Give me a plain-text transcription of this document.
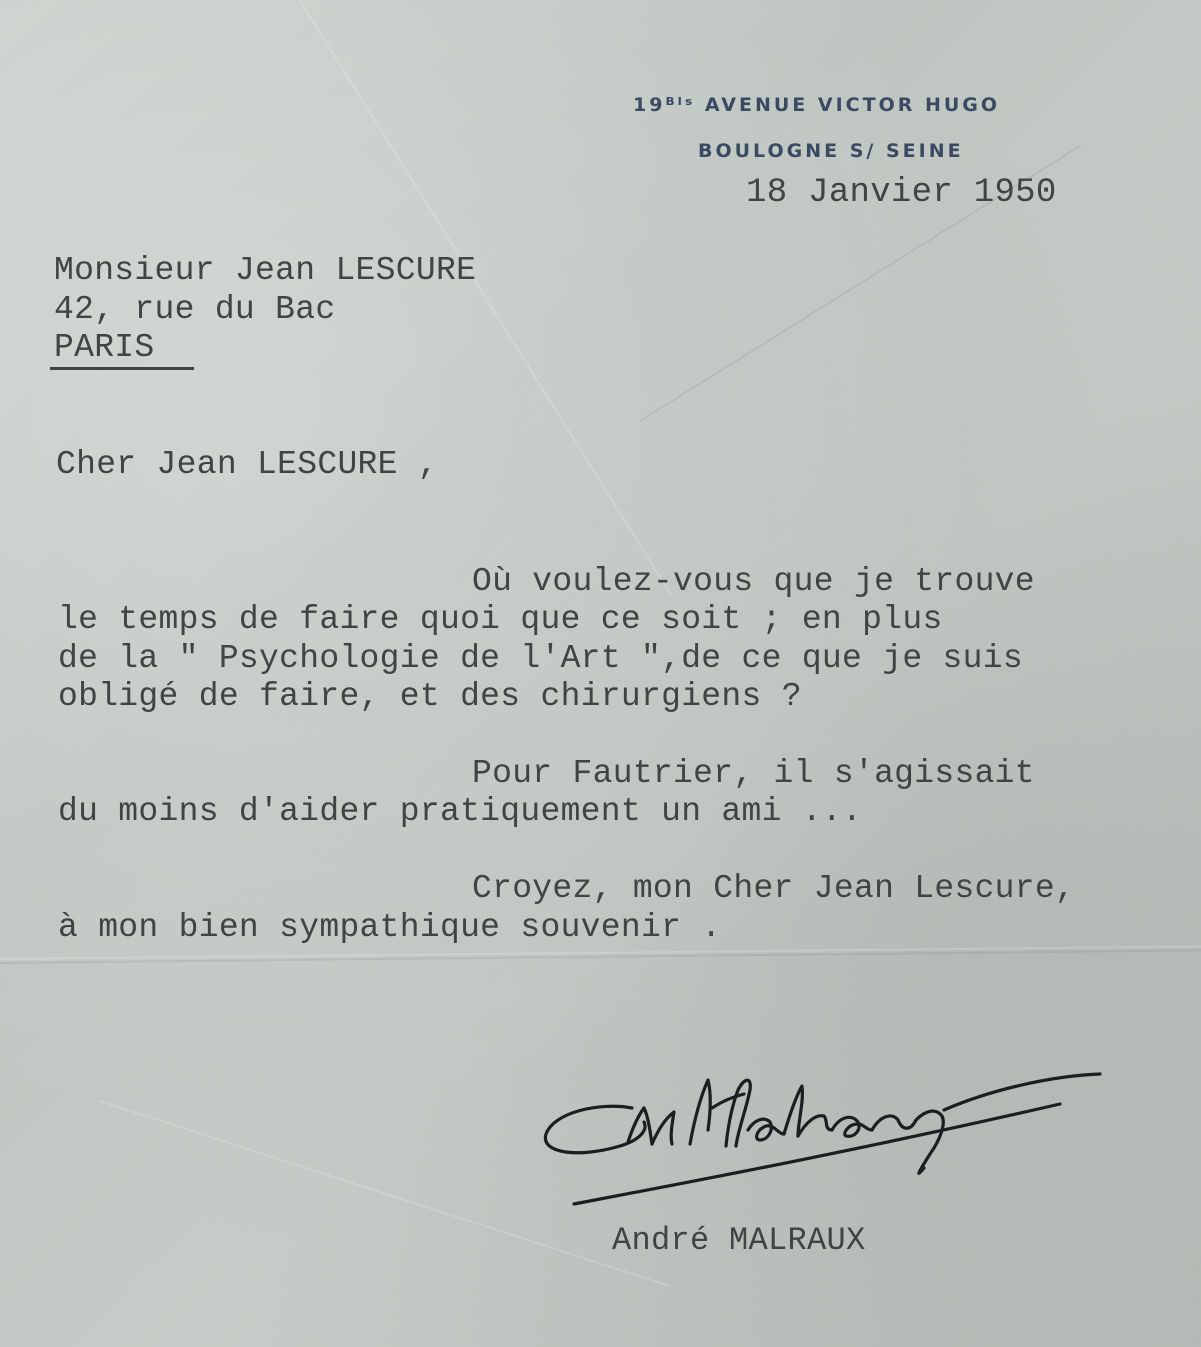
19ᴮᴵˢ AVENUE VICTOR HUGO
BOULOGNE S/ SEINE
18 Janvier 1950
Monsieur Jean LESCURE
42, rue du Bac
PARIS
Cher Jean LESCURE ,
Où voulez-vous que je trouve
le temps de faire quoi que ce soit ; en plus
de la " Psychologie de l'Art ",de ce que je suis
obligé de faire, et des chirurgiens ?
Pour Fautrier, il s'agissait
du moins d'aider pratiquement un ami ...
Croyez, mon Cher Jean Lescure,
à mon bien sympathique souvenir .
André MALRAUX
